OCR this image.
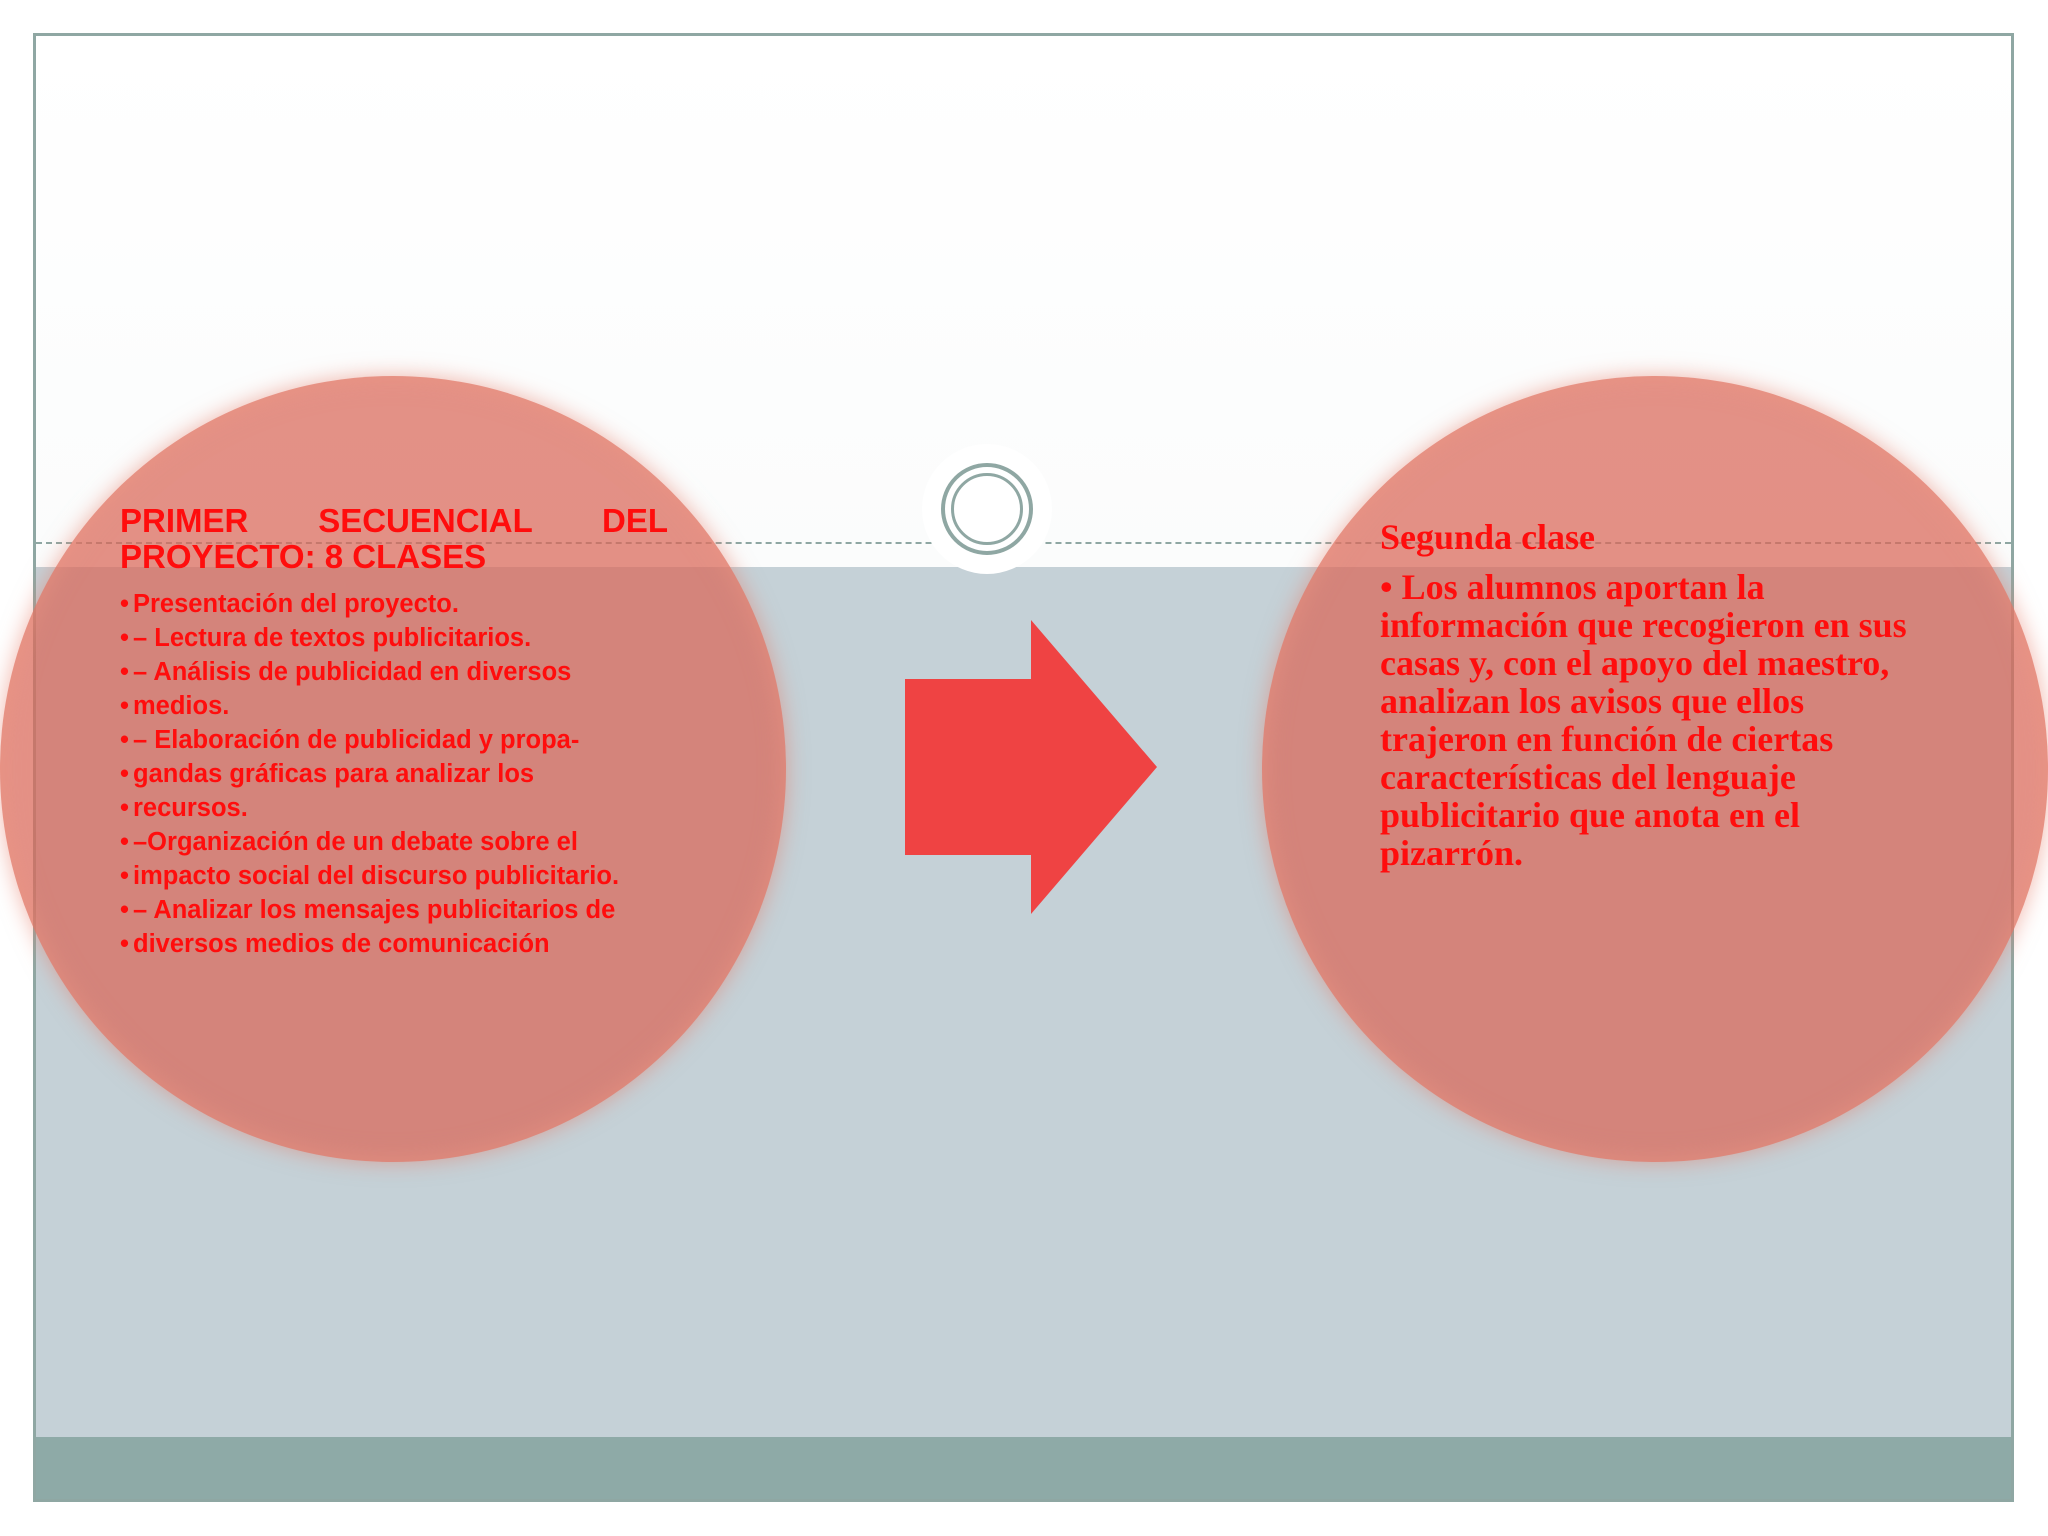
PRIMER SECUENCIAL DEL
PROYECTO: 8 CLASES
• Presentación del proyecto.
• – Lectura de textos publicitarios.
• – Análisis de publicidad en diversos
• medios.
• – Elaboración de publicidad y propa-
• gandas gráficas para analizar los
• recursos.
• –Organización de un debate sobre el
• impacto social del discurso publicitario.
• – Analizar los mensajes publicitarios de
• diversos medios de comunicación

Segunda clase

• Los alumnos aportan la información que recogieron en sus casas y, con el apoyo del maestro, analizan los avisos que ellos trajeron en función de ciertas características del lenguaje publicitario que anota en el pizarrón.
